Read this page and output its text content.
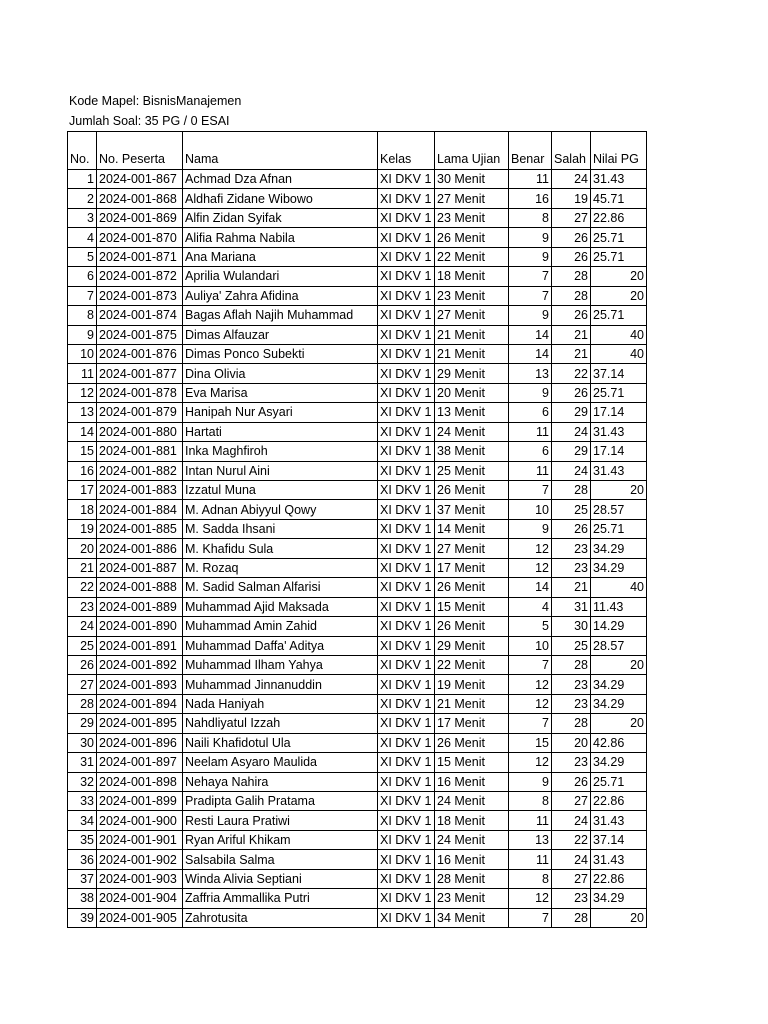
Kode Mapel: BisnisManajemen
Jumlah Soal: 35 PG / 0 ESAI
No.	No. Peserta	Nama	Kelas	Lama Ujian	Benar	Salah	Nilai PG
1	2024-001-867	Achmad Dza Afnan	XI DKV 1	30 Menit	11	24	31.43
2	2024-001-868	Aldhafi Zidane Wibowo	XI DKV 1	27 Menit	16	19	45.71
3	2024-001-869	Alfin Zidan Syifak	XI DKV 1	23 Menit	8	27	22.86
4	2024-001-870	Alifia Rahma Nabila	XI DKV 1	26 Menit	9	26	25.71
5	2024-001-871	Ana Mariana	XI DKV 1	22 Menit	9	26	25.71
6	2024-001-872	Aprilia Wulandari	XI DKV 1	18 Menit	7	28	20
7	2024-001-873	Auliya' Zahra Afidina	XI DKV 1	23 Menit	7	28	20
8	2024-001-874	Bagas Aflah Najih Muhammad	XI DKV 1	27 Menit	9	26	25.71
9	2024-001-875	Dimas Alfauzar	XI DKV 1	21 Menit	14	21	40
10	2024-001-876	Dimas Ponco Subekti	XI DKV 1	21 Menit	14	21	40
11	2024-001-877	Dina Olivia	XI DKV 1	29 Menit	13	22	37.14
12	2024-001-878	Eva Marisa	XI DKV 1	20 Menit	9	26	25.71
13	2024-001-879	Hanipah Nur Asyari	XI DKV 1	13 Menit	6	29	17.14
14	2024-001-880	Hartati	XI DKV 1	24 Menit	11	24	31.43
15	2024-001-881	Inka Maghfiroh	XI DKV 1	38 Menit	6	29	17.14
16	2024-001-882	Intan Nurul Aini	XI DKV 1	25 Menit	11	24	31.43
17	2024-001-883	Izzatul Muna	XI DKV 1	26 Menit	7	28	20
18	2024-001-884	M. Adnan Abiyyul Qowy	XI DKV 1	37 Menit	10	25	28.57
19	2024-001-885	M. Sadda Ihsani	XI DKV 1	14 Menit	9	26	25.71
20	2024-001-886	M. Khafidu Sula	XI DKV 1	27 Menit	12	23	34.29
21	2024-001-887	M. Rozaq	XI DKV 1	17 Menit	12	23	34.29
22	2024-001-888	M. Sadid Salman Alfarisi	XI DKV 1	26 Menit	14	21	40
23	2024-001-889	Muhammad Ajid Maksada	XI DKV 1	15 Menit	4	31	11.43
24	2024-001-890	Muhammad Amin Zahid	XI DKV 1	26 Menit	5	30	14.29
25	2024-001-891	Muhammad Daffa' Aditya	XI DKV 1	29 Menit	10	25	28.57
26	2024-001-892	Muhammad Ilham Yahya	XI DKV 1	22 Menit	7	28	20
27	2024-001-893	Muhammad Jinnanuddin	XI DKV 1	19 Menit	12	23	34.29
28	2024-001-894	Nada Haniyah	XI DKV 1	21 Menit	12	23	34.29
29	2024-001-895	Nahdliyatul Izzah	XI DKV 1	17 Menit	7	28	20
30	2024-001-896	Naili Khafidotul Ula	XI DKV 1	26 Menit	15	20	42.86
31	2024-001-897	Neelam Asyaro Maulida	XI DKV 1	15 Menit	12	23	34.29
32	2024-001-898	Nehaya Nahira	XI DKV 1	16 Menit	9	26	25.71
33	2024-001-899	Pradipta Galih Pratama	XI DKV 1	24 Menit	8	27	22.86
34	2024-001-900	Resti Laura Pratiwi	XI DKV 1	18 Menit	11	24	31.43
35	2024-001-901	Ryan Ariful Khikam	XI DKV 1	24 Menit	13	22	37.14
36	2024-001-902	Salsabila Salma	XI DKV 1	16 Menit	11	24	31.43
37	2024-001-903	Winda Alivia Septiani	XI DKV 1	28 Menit	8	27	22.86
38	2024-001-904	Zaffria Ammallika Putri	XI DKV 1	23 Menit	12	23	34.29
39	2024-001-905	Zahrotusita	XI DKV 1	34 Menit	7	28	20
